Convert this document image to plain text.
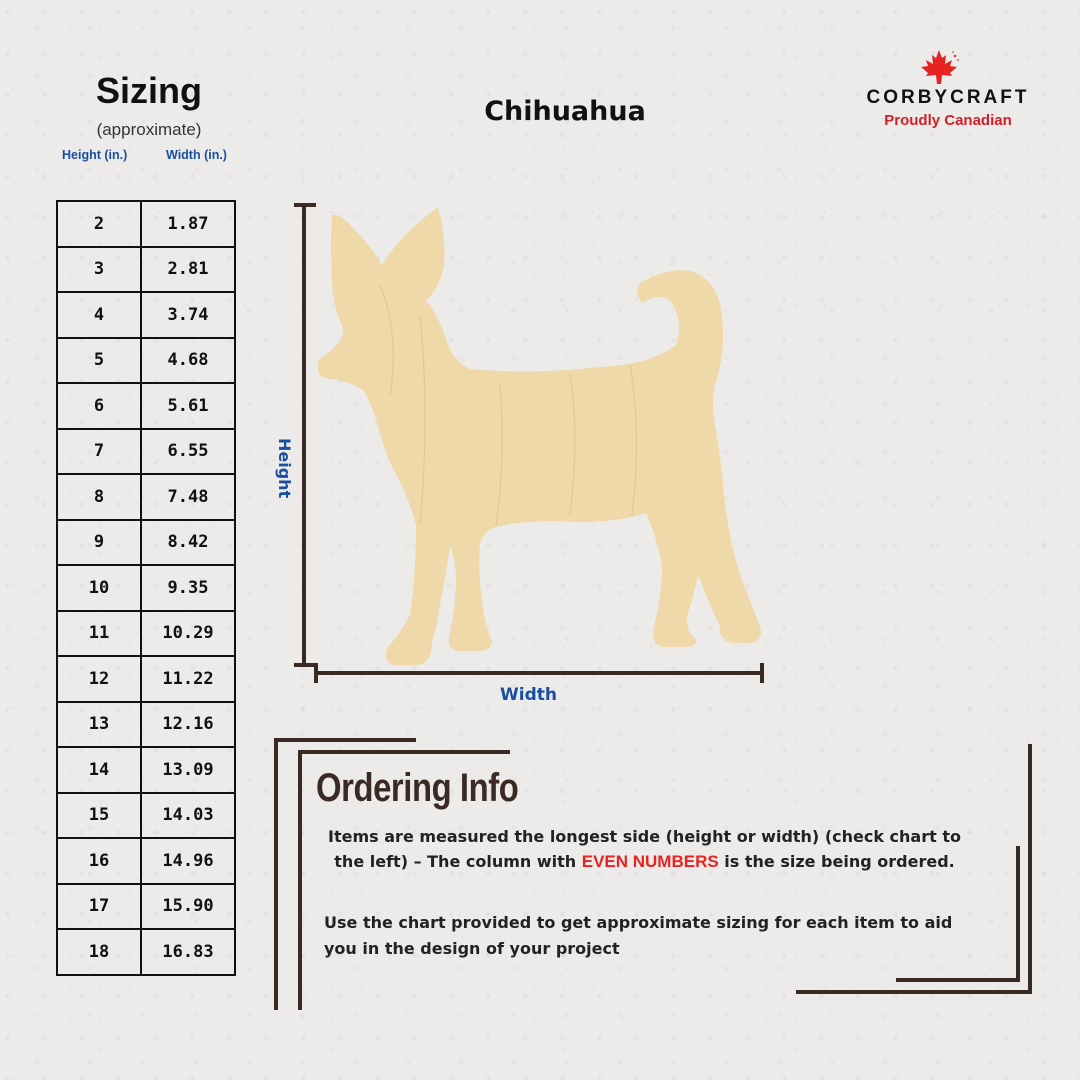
Sizing
(approximate)
Height (in.)	Width (in.)
2	1.87
3	2.81
4	3.74
5	4.68
6	5.61
7	6.55
8	7.48
9	8.42
10	9.35
11	10.29
12	11.22
13	12.16
14	13.09
15	14.03
16	14.96
17	15.90
18	16.83
Chihuahua	CORBYCRAFT
Proudly Canadian
Height
Width
Ordering Info
Items are measured the longest side (height or width) (check chart to the left) – The column with EVEN NUMBERS is the size being ordered.
Use the chart provided to get approximate sizing for each item to aid you in the design of your project
